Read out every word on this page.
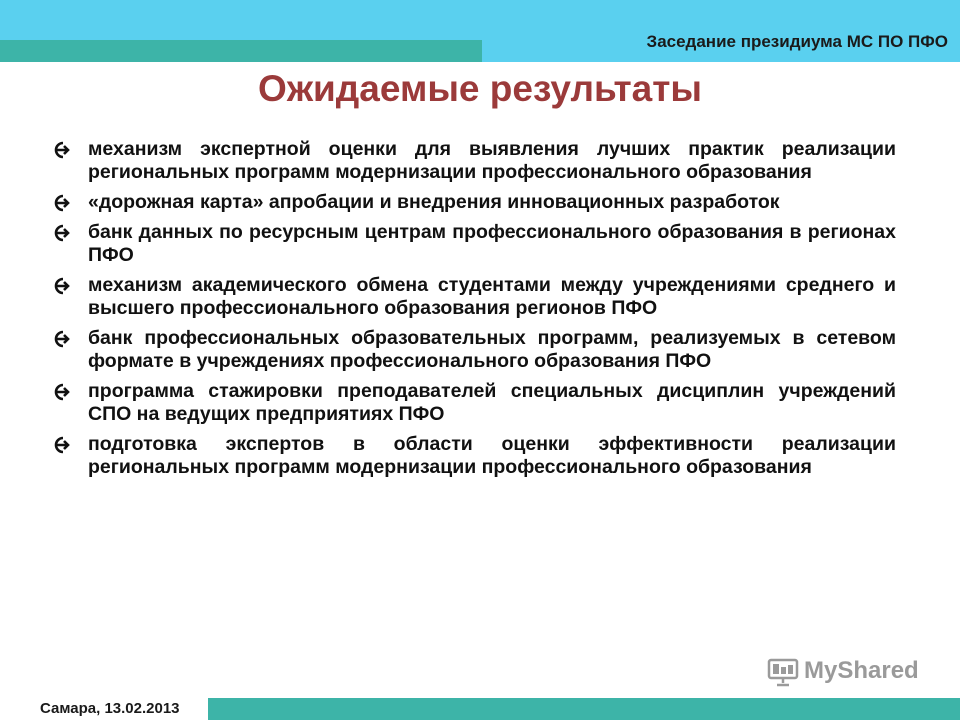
Заседание президиума МС ПО ПФО
Ожидаемые результаты
механизм экспертной оценки для выявления лучших практик реализации региональных программ модернизации профессионального образования
«дорожная карта» апробации и внедрения инновационных разработок
банк данных по ресурсным центрам профессионального образования в регионах ПФО
механизм академического обмена студентами между учреждениями среднего и высшего профессионального образования регионов ПФО
банк профессиональных образовательных программ, реализуемых в сетевом формате в учреждениях профессионального образования ПФО
программа стажировки преподавателей специальных дисциплин учреждений СПО на ведущих предприятиях ПФО
подготовка экспертов в области оценки эффективности реализации региональных программ модернизации профессионального образования
MyShared
Самара, 13.02.2013
